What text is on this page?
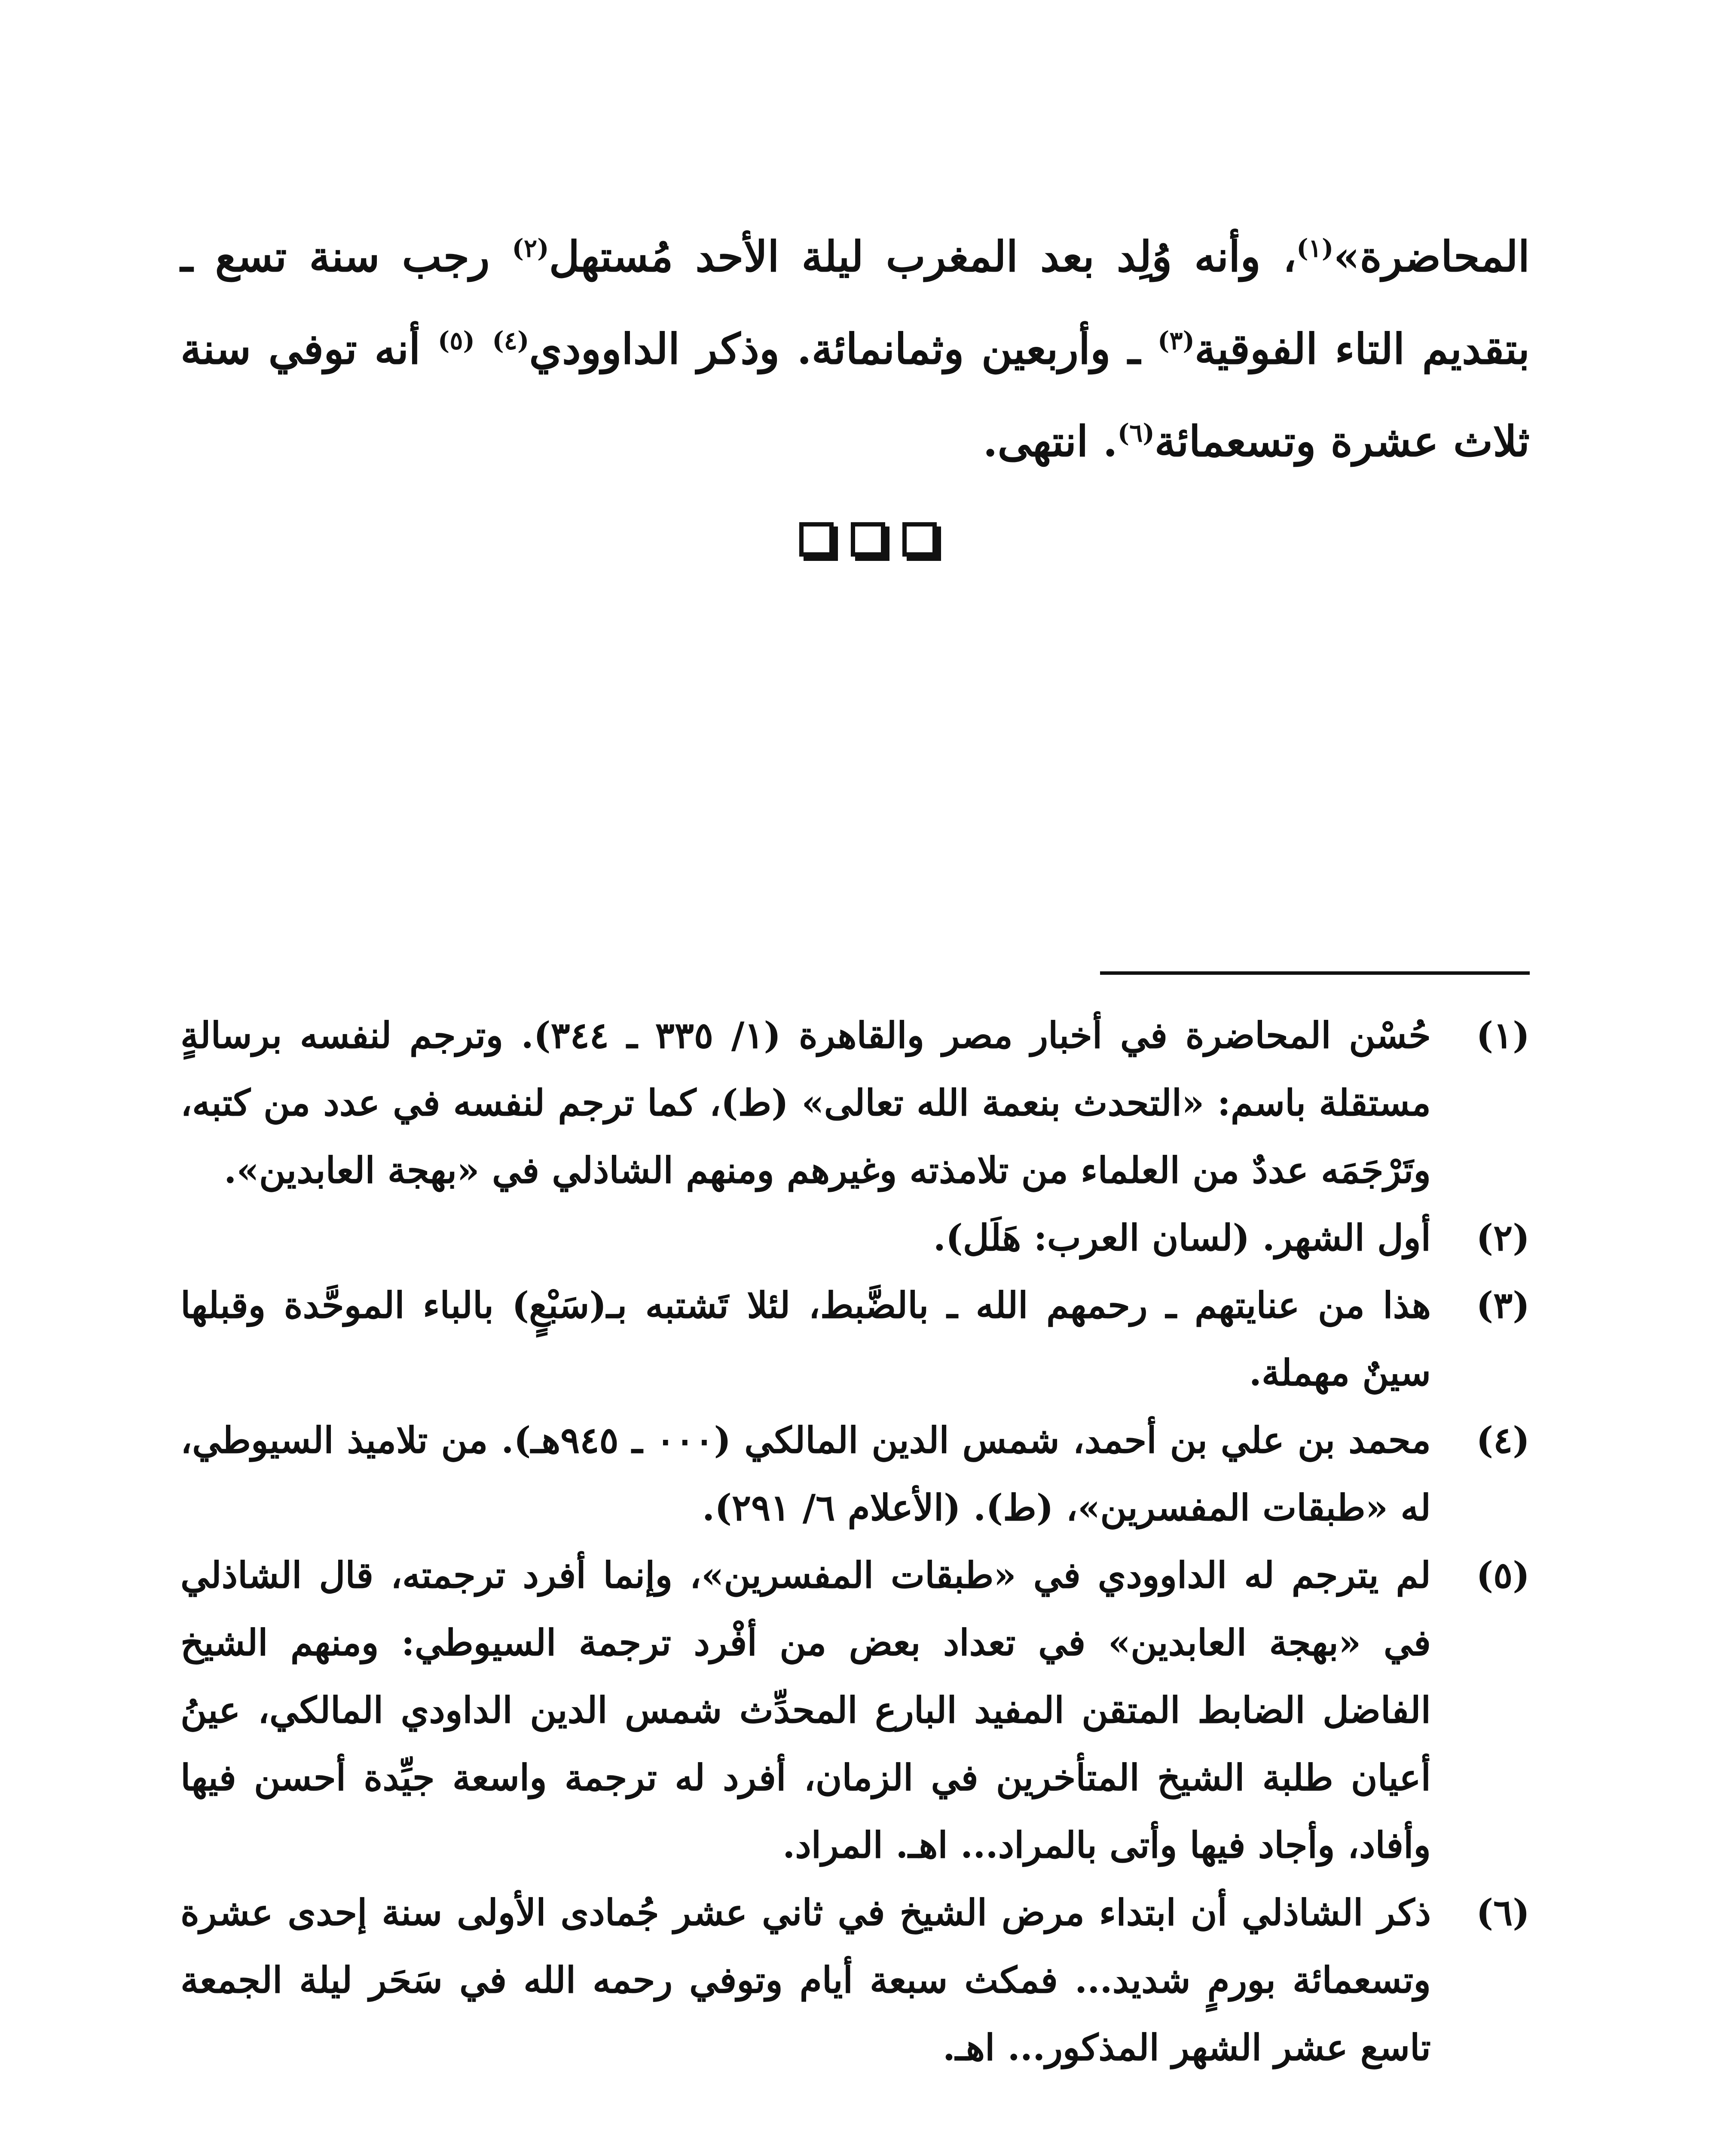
المحاضرة»$^{(١)}$، وأنه وُلِد بعد المغرب ليلة الأحد مُستهل$^{(٢)}$ رجب سنة تسع ـ بتقديم التاء الفوقية$^{(٣)}$ ـ وأربعين وثمانمائة. وذكر الداوودي$^{(٤)}$ $^{(٥)}$ أنه توفي سنة ثلاث عشرة وتسعمائة$^{(٦)}$. انتهى.

(١)
حُسْن المحاضرة في أخبار مصر والقاهرة (١/ ٣٣٥ ـ ٣٤٤). وترجم لنفسه برسالةٍ مستقلة باسم: «التحدث بنعمة الله تعالى» (ط)، كما ترجم لنفسه في عدد من كتبه، وتَرْجَمَه عددٌ من العلماء من تلامذته وغيرهم ومنهم الشاذلي في «بهجة العابدين».
(٢)
أول الشهر. (لسان العرب: هَلَل).
(٣)
هذا من عنايتهم ـ رحمهم الله ـ بالضَّبط، لئلا تَشتبه بـ(سَبْعٍ) بالباء الموحَّدة وقبلها سينٌ مهملة.
(٤)
محمد بن علي بن أحمد، شمس الدين المالكي (٠٠٠ ـ ٩٤٥هـ). من تلاميذ السيوطي، له «طبقات المفسرين»، (ط). (الأعلام ٦/ ٢٩١).
(٥)
لم يترجم له الداوودي في «طبقات المفسرين»، وإنما أفرد ترجمته، قال الشاذلي في «بهجة العابدين» في تعداد بعض من أفْرد ترجمة السيوطي: ومنهم الشيخ الفاضل الضابط المتقن المفيد البارع المحدِّث شمس الدين الداودي المالكي، عينُ أعيان طلبة الشيخ المتأخرين في الزمان، أفرد له ترجمة واسعة جيِّدة أحسن فيها وأفاد، وأجاد فيها وأتى بالمراد... اهـ. المراد.
(٦)
ذكر الشاذلي أن ابتداء مرض الشيخ في ثاني عشر جُمادى الأولى سنة إحدى عشرة وتسعمائة بورمٍ شديد... فمكث سبعة أيام وتوفي رحمه الله في سَحَر ليلة الجمعة تاسع عشر الشهر المذكور... اهـ.
